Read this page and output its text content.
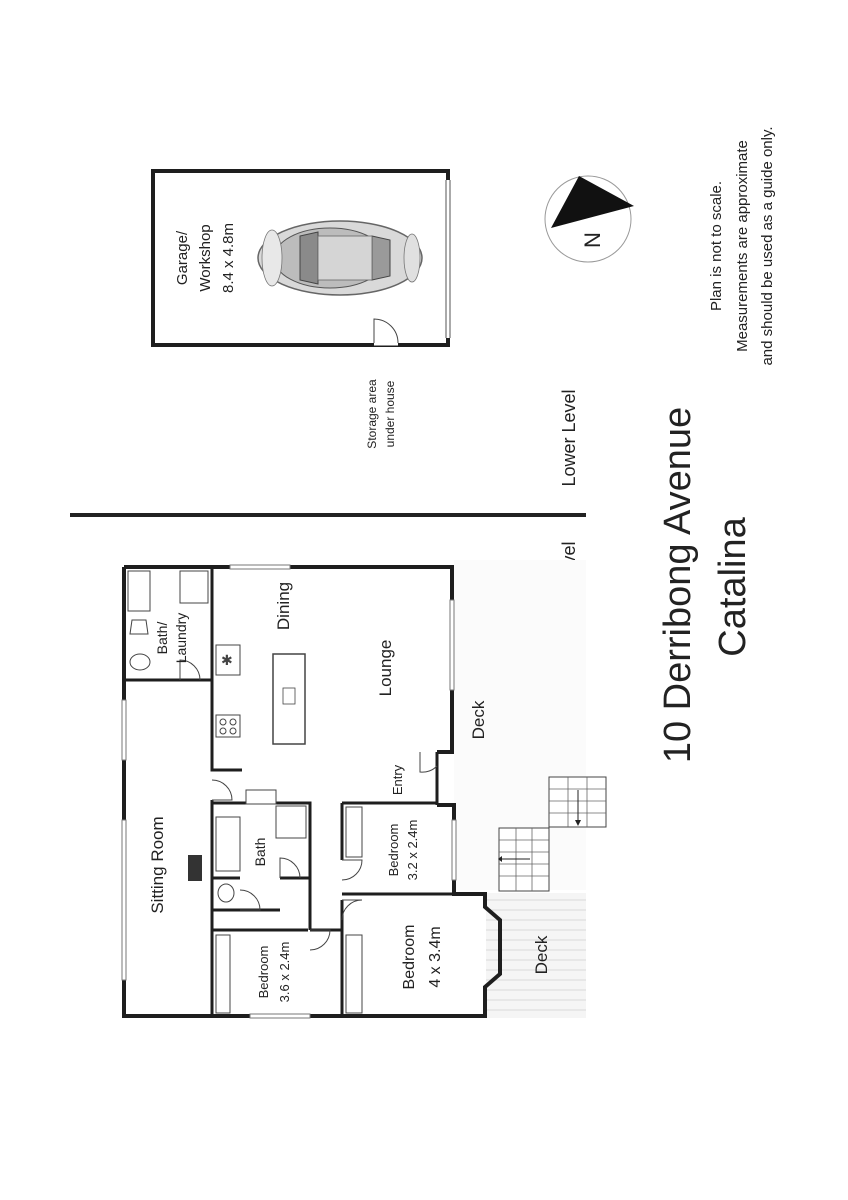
Garage/ Workshop 8.4 x 4.8m
Storage area under house
N	Plan is not to scale. Measurements are approximate and should be used as a guide only.
Lower Level 10 Derribong Avenue Catalina
✱
Bath/ Laundry
Dining
Lounge
Deck
Entry
Sitting Room	Bath	Bedroom 3.2 x 2.4m
Bedroom 3.6 x 2.4m	Bedroom 4 x 3.4m	Deck
